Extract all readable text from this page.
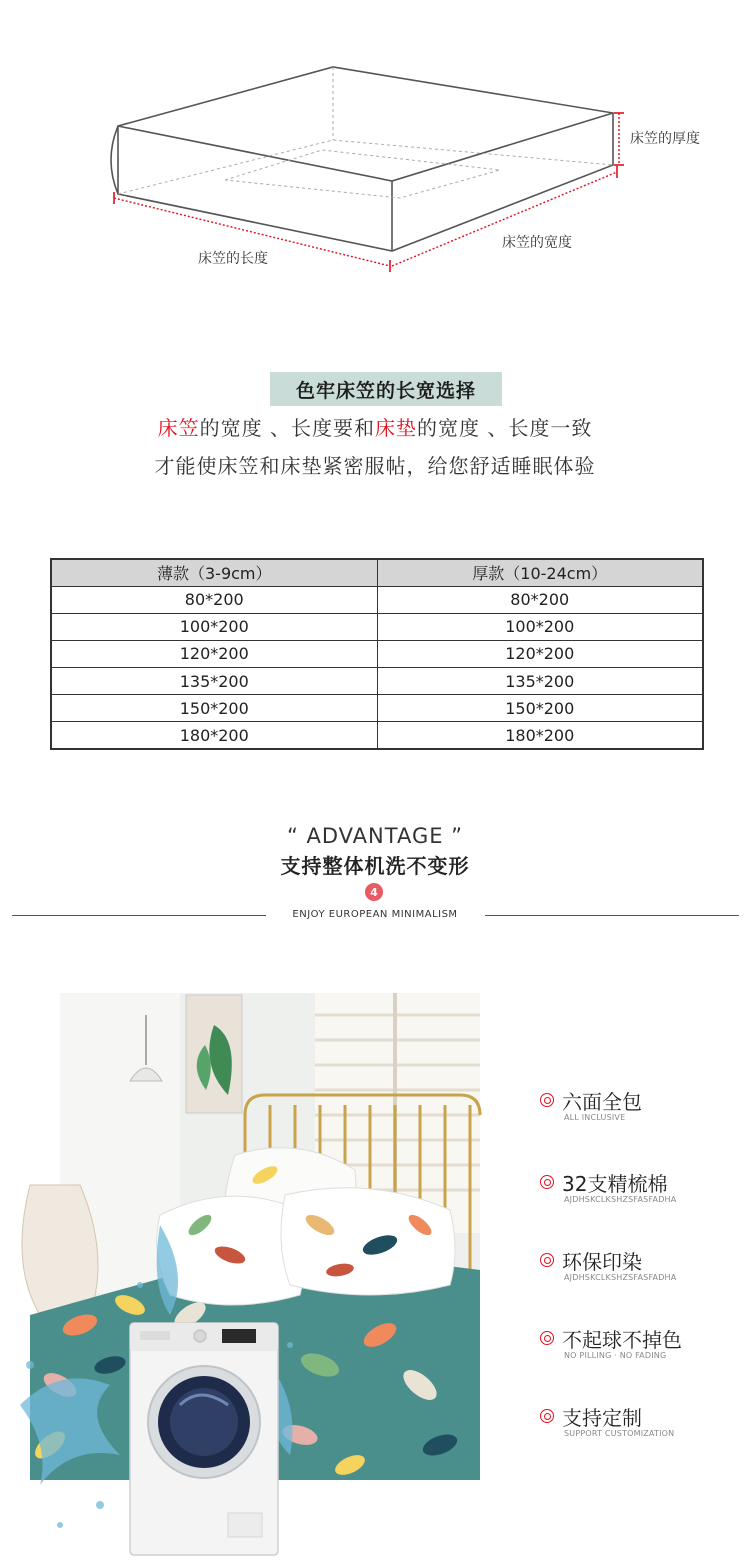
床笠的厚度
床笠的长度
床笠的宽度
色牢床笠的长宽选择
床笠的宽度 、长度要和床垫的宽度 、长度一致
才能使床笠和床垫紧密服帖，给您舒适睡眠体验
薄款（3-9cm）	厚款（10-24cm）
80*200	80*200
100*200	100*200
120*200	120*200
135*200	135*200
150*200	150*200
180*200	180*200
“ ADVANTAGE ”
支持整体机洗不变形
4
ENJOY EUROPEAN MINIMALISM
六面全包
ALL INCLUSIVE
32支精梳棉
AJDHSKCLKSHZSFASFADHA
环保印染
AJDHSKCLKSHZSFASFADHA
不起球不掉色
NO PILLING · NO FADING
支持定制
SUPPORT CUSTOMIZATION
